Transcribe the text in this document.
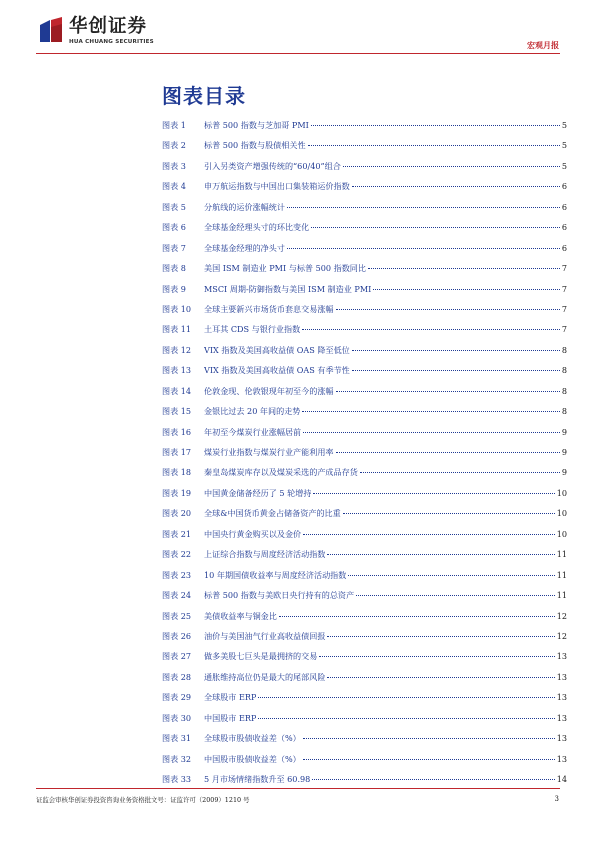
华创证券
HUA CHUANG SECURITIES	宏观月报
图表目录
图表 1	标普 500 指数与芝加哥 PMI	5
图表 2	标普 500 指数与股债相关性	5
图表 3	引入另类资产增强传统的“60/40”组合	5
图表 4	申万航运指数与中国出口集装箱运价指数	6
图表 5	分航线的运价涨幅统计	6
图表 6	全球基金经理头寸的环比变化	6
图表 7	全球基金经理的净头寸	6
图表 8	美国 ISM 制造业 PMI 与标普 500 指数同比	7
图表 9	MSCI 周期-防御指数与美国 ISM 制造业 PMI	7
图表 10	全球主要新兴市场货币套息交易涨幅	7
图表 11	土耳其 CDS 与银行业指数	7
图表 12	VIX 指数及美国高收益债 OAS 降至低位	8
图表 13	VIX 指数及美国高收益债 OAS 有季节性	8
图表 14	伦敦金现、伦敦银现年初至今的涨幅	8
图表 15	金银比过去 20 年间的走势	8
图表 16	年初至今煤炭行业涨幅居前	9
图表 17	煤炭行业指数与煤炭行业产能利用率	9
图表 18	秦皇岛煤炭库存以及煤炭采选的产成品存货	9
图表 19	中国黄金储备经历了 5 轮增持	10
图表 20	全球&中国货币黄金占储备资产的比重	10
图表 21	中国央行黄金购买以及金价	10
图表 22	上证综合指数与周度经济活动指数	11
图表 23	10 年期国债收益率与周度经济活动指数	11
图表 24	标普 500 指数与美欧日央行持有的总资产	11
图表 25	美债收益率与铜金比	12
图表 26	油价与美国油气行业高收益债回报	12
图表 27	做多美股七巨头是最拥挤的交易	13
图表 28	通胀维持高位仍是最大的尾部风险	13
图表 29	全球股市 ERP	13
图表 30	中国股市 ERP	13
图表 31	全球股市股债收益差（%）	13
图表 32	中国股市股债收益差（%）	13
图表 33	5 月市场情绪指数升至 60.98	14
证监会审核华创证券投资咨询业务资格批文号：证监许可（2009）1210 号	3
